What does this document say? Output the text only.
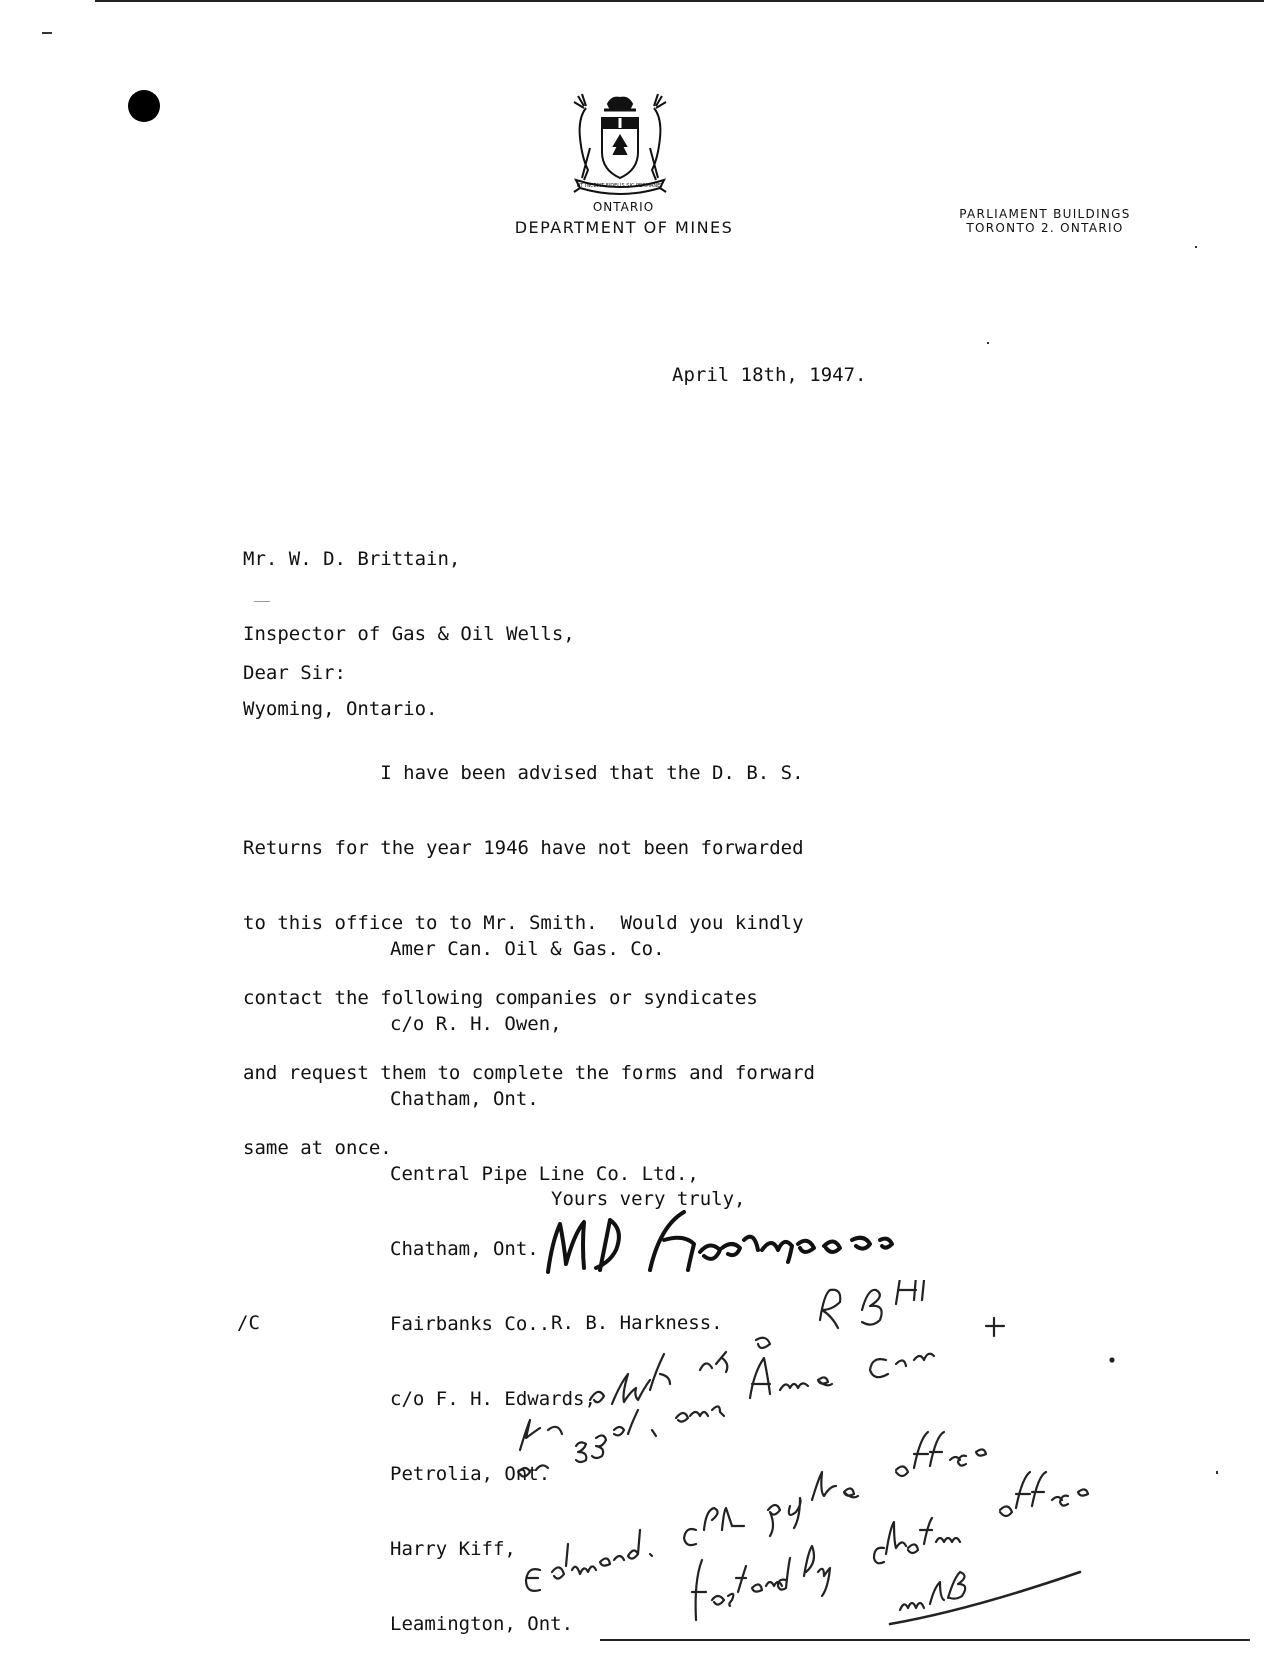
UT INCEPIT FIDELIS SIC PERMANET
ONTARIO
DEPARTMENT OF MINES
PARLIAMENT BUILDINGS
TORONTO 2. ONTARIO
April 18th, 1947.

Mr. W. D. Brittain,

Inspector of Gas & Oil Wells,

Wyoming, Ontario.

Dear Sir:

I have been advised that the D. B. S.

Returns for the year 1946 have not been forwarded

to this office to to Mr. Smith.  Would you kindly

contact the following companies or syndicates

and request them to complete the forms and forward

same at once.

Amer Can. Oil & Gas. Co.

c/o R. H. Owen,

Chatham, Ont.

Central Pipe Line Co. Ltd.,

Chatham, Ont.

Fairbanks Co..

c/o F. H. Edwards,

Petrolia, Ont.

Harry Kiff,

Leamington, Ont.

Yours very truly,
R. B. Harkness.
/C
